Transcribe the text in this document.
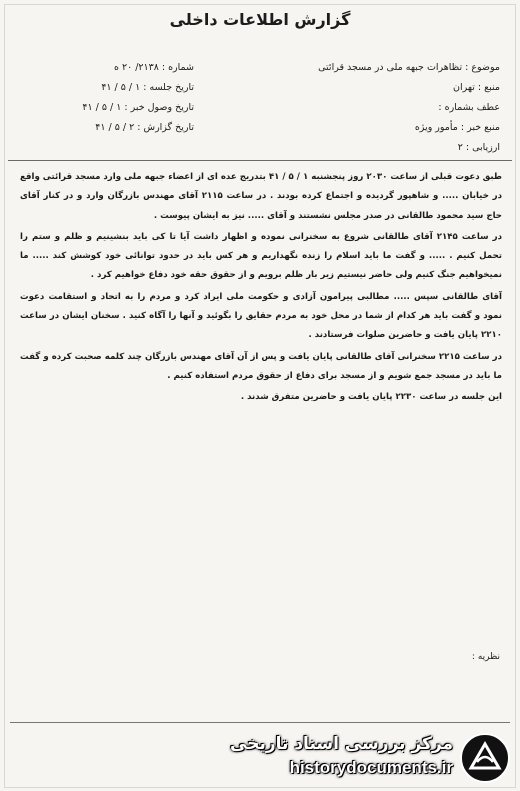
گزارش اطلاعات داخلی
موضوع : تظاهرات جبهه ملی در مسجد قرائتی
منبع : تهران
عطف بشماره :
منبع خبر : مأمور ویژه
ارزیابی : ۲
شماره : ۲۱۳۸/ ۲۰ ه
تاریخ جلسه : ۱ / ۵ / ۴۱
تاریخ وصول خبر : ۱ / ۵ / ۴۱
تاریخ گزارش : ۲ / ۵ / ۴۱

طبق دعوت قبلی از ساعت ۲۰۳۰ روز پنجشنبه ۱ / ۵ / ۴۱ بتدریج عده ای از اعضاء جبهه ملی وارد مسجد قرائتی واقع در خیابان ..... و شاهپور گردیده و اجتماع کرده بودند . در ساعت ۲۱۱۵ آقای مهندس بازرگان وارد و در کنار آقای حاج سید محمود طالقانی در صدر مجلس نشستند و آقای ..... نیز به ایشان پیوست .

در ساعت ۲۱۴۵ آقای طالقانی شروع به سخنرانی نموده و اظهار داشت آیا تا کی باید بنشینیم و ظلم و ستم را تحمل کنیم . ..... و گفت ما باید اسلام را زنده نگهداریم و هر کس باید در حدود توانائی خود کوشش کند ..... ما نمیخواهیم جنگ کنیم ولی حاضر نیستیم زیر بار ظلم برویم و از حقوق حقه خود دفاع خواهیم کرد .

آقای طالقانی سپس ..... مطالبی پیرامون آزادی و حکومت ملی ایراد کرد و مردم را به اتحاد و استقامت دعوت نمود و گفت باید هر کدام از شما در محل خود به مردم حقایق را بگوئید و آنها را آگاه کنید . سخنان ایشان در ساعت ۲۲۱۰ پایان یافت و حاضرین صلوات فرستادند .

در ساعت ۲۲۱۵ سخنرانی آقای طالقانی پایان یافت و پس از آن آقای مهندس بازرگان چند کلمه صحبت کرده و گفت ما باید در مسجد جمع شویم و از مسجد برای دفاع از حقوق مردم استفاده کنیم .

این جلسه در ساعت ۲۲۳۰ پایان یافت و حاضرین متفرق شدند .

نظریه :
مرکز بررسی اسناد تاریخی
historydocuments.ir
